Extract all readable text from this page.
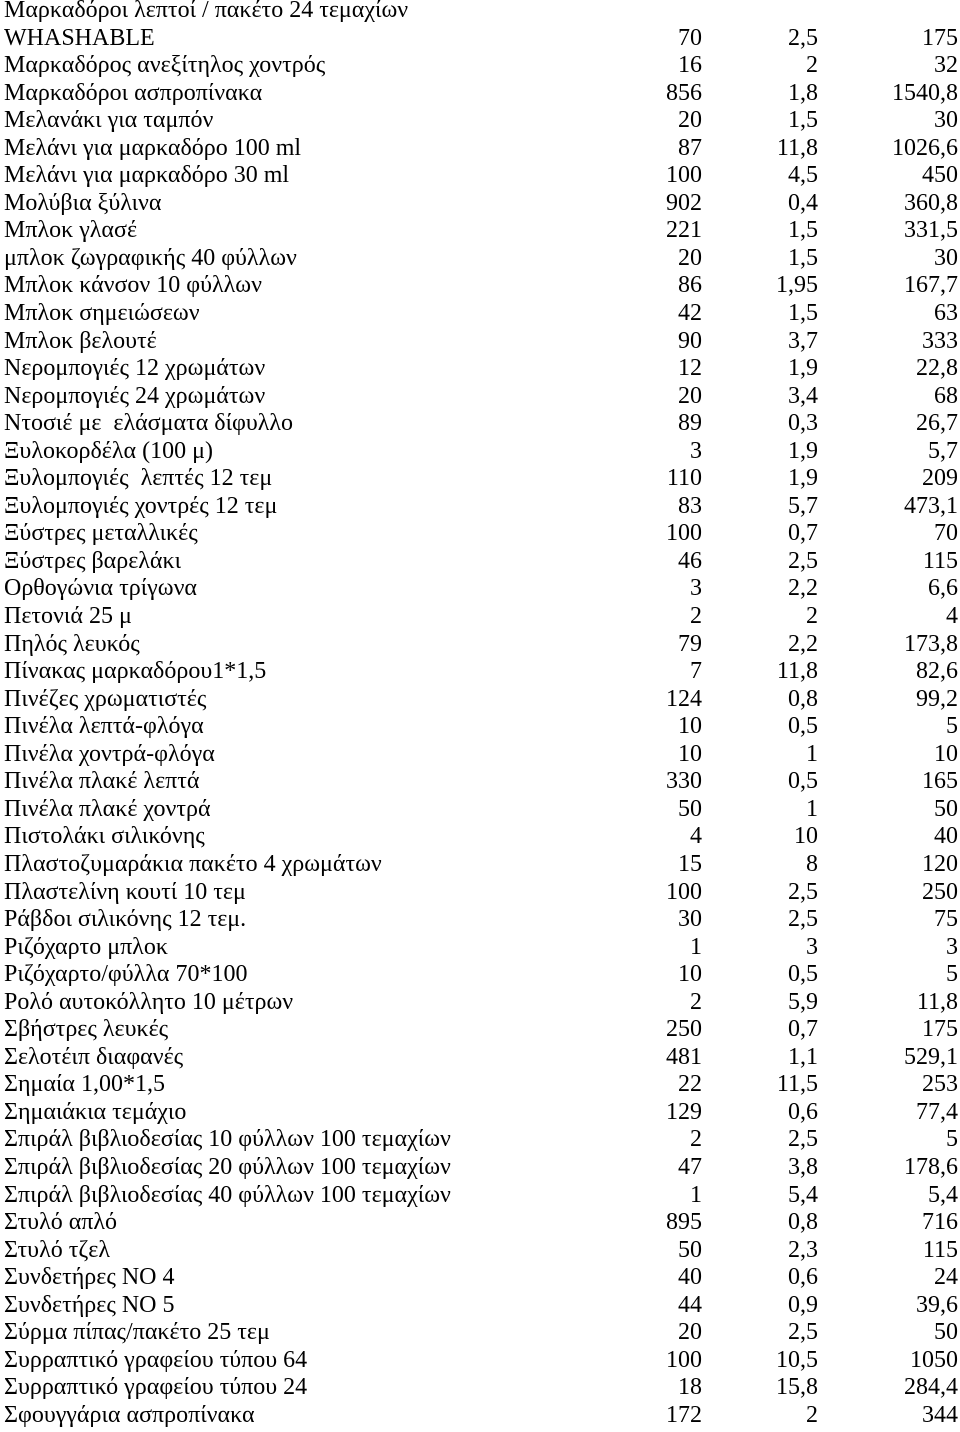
Μαρκαδόροι λεπτοί / πακέτο 24 τεμαχίων
WHASHABLE	70	2,5	175
Μαρκαδόρος ανεξίτηλος χοντρός	16	2	32
Μαρκαδόροι ασπροπίνακα	856	1,8	1540,8
Μελανάκι για ταμπόν	20	1,5	30
Μελάνι για μαρκαδόρο 100 ml	87	11,8	1026,6
Μελάνι για μαρκαδόρο 30 ml	100	4,5	450
Μολύβια ξύλινα	902	0,4	360,8
Μπλοκ γλασέ	221	1,5	331,5
μπλοκ ζωγραφικής 40 φύλλων	20	1,5	30
Μπλοκ κάνσον 10 φύλλων	86	1,95	167,7
Μπλοκ σημειώσεων	42	1,5	63
Μπλοκ βελουτέ	90	3,7	333
Νερομπογιές 12 χρωμάτων	12	1,9	22,8
Νερομπογιές 24 χρωμάτων	20	3,4	68
Ντοσιέ με  ελάσματα δίφυλλο	89	0,3	26,7
Ξυλοκορδέλα (100 μ)	3	1,9	5,7
Ξυλομπογιές  λεπτές 12 τεμ	110	1,9	209
Ξυλομπογιές χοντρές 12 τεμ	83	5,7	473,1
Ξύστρες μεταλλικές	100	0,7	70
Ξύστρες βαρελάκι	46	2,5	115
Ορθογώνια τρίγωνα	3	2,2	6,6
Πετονιά 25 μ	2	2	4
Πηλός λευκός	79	2,2	173,8
Πίνακας μαρκαδόρου1*1,5	7	11,8	82,6
Πινέζες χρωματιστές	124	0,8	99,2
Πινέλα λεπτά-φλόγα	10	0,5	5
Πινέλα χοντρά-φλόγα	10	1	10
Πινέλα πλακέ λεπτά	330	0,5	165
Πινέλα πλακέ χοντρά	50	1	50
Πιστολάκι σιλικόνης	4	10	40
Πλαστοζυμαράκια πακέτο 4 χρωμάτων	15	8	120
Πλαστελίνη κουτί 10 τεμ	100	2,5	250
Ράβδοι σιλικόνης 12 τεμ.	30	2,5	75
Ριζόχαρτο μπλοκ	1	3	3
Ριζόχαρτο/φύλλα 70*100	10	0,5	5
Ρολό αυτοκόλλητο 10 μέτρων	2	5,9	11,8
Σβήστρες λευκές	250	0,7	175
Σελοτέιπ διαφανές	481	1,1	529,1
Σημαία 1,00*1,5	22	11,5	253
Σημαιάκια τεμάχιο	129	0,6	77,4
Σπιράλ βιβλιοδεσίας 10 φύλλων 100 τεμαχίων	2	2,5	5
Σπιράλ βιβλιοδεσίας 20 φύλλων 100 τεμαχίων	47	3,8	178,6
Σπιράλ βιβλιοδεσίας 40 φύλλων 100 τεμαχίων	1	5,4	5,4
Στυλό απλό	895	0,8	716
Στυλό τζελ	50	2,3	115
Συνδετήρες ΝΟ 4	40	0,6	24
Συνδετήρες ΝΟ 5	44	0,9	39,6
Σύρμα πίπας/πακέτο 25 τεμ	20	2,5	50
Συρραπτικό γραφείου τύπου 64	100	10,5	1050
Συρραπτικό γραφείου τύπου 24	18	15,8	284,4
Σφουγγάρια ασπροπίνακα	172	2	344
